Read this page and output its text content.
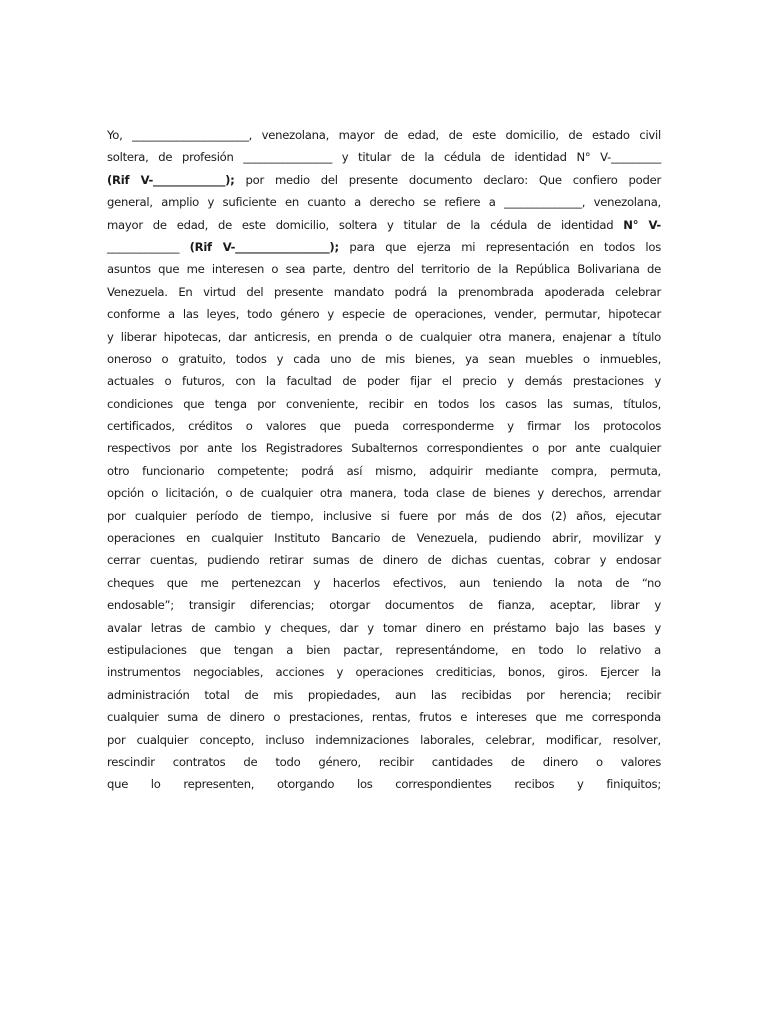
Yo, _____________________, venezolana, mayor de edad, de este domicilio, de estado civil
soltera, de profesión ________________ y titular de la cédula de identidad N° V-_________
(Rif V-_____________); por medio del presente documento declaro: Que confiero poder
general, amplio y suficiente en cuanto a derecho se refiere a ______________, venezolana,
mayor de edad, de este domicilio, soltera y titular de la cédula de identidad N° V-
_____________ (Rif V-_________________); para que ejerza mi representación en todos los
asuntos que me interesen o sea parte, dentro del territorio de la República Bolivariana de
Venezuela. En virtud del presente mandato podrá la prenombrada apoderada celebrar
conforme a las leyes, todo género y especie de operaciones, vender, permutar, hipotecar
y liberar hipotecas, dar anticresis, en prenda o de cualquier otra manera, enajenar a título
oneroso o gratuito, todos y cada uno de mis bienes, ya sean muebles o inmuebles,
actuales o futuros, con la facultad de poder fijar el precio y demás prestaciones y
condiciones que tenga por conveniente, recibir en todos los casos las sumas, títulos,
certificados, créditos o valores que pueda corresponderme y firmar los protocolos
respectivos por ante los Registradores Subalternos correspondientes o por ante cualquier
otro funcionario competente; podrá así mismo, adquirir mediante compra, permuta,
opción o licitación, o de cualquier otra manera, toda clase de bienes y derechos, arrendar
por cualquier período de tiempo, inclusive si fuere por más de dos (2) años, ejecutar
operaciones en cualquier Instituto Bancario de Venezuela, pudiendo abrir, movilizar y
cerrar cuentas, pudiendo retirar sumas de dinero de dichas cuentas, cobrar y endosar
cheques que me pertenezcan y hacerlos efectivos, aun teniendo la nota de “no
endosable”; transigir diferencias; otorgar documentos de fianza, aceptar, librar y
avalar letras de cambio y cheques, dar y tomar dinero en préstamo bajo las bases y
estipulaciones que tengan a bien pactar, representándome, en todo lo relativo a
instrumentos negociables, acciones y operaciones crediticias, bonos, giros. Ejercer la
administración total de mis propiedades, aun las recibidas por herencia; recibir
cualquier suma de dinero o prestaciones, rentas, frutos e intereses que me corresponda
por cualquier concepto, incluso indemnizaciones laborales, celebrar, modificar, resolver,
rescindir contratos de todo género, recibir cantidades de dinero o valores
que lo representen, otorgando los correspondientes recibos y finiquitos;
